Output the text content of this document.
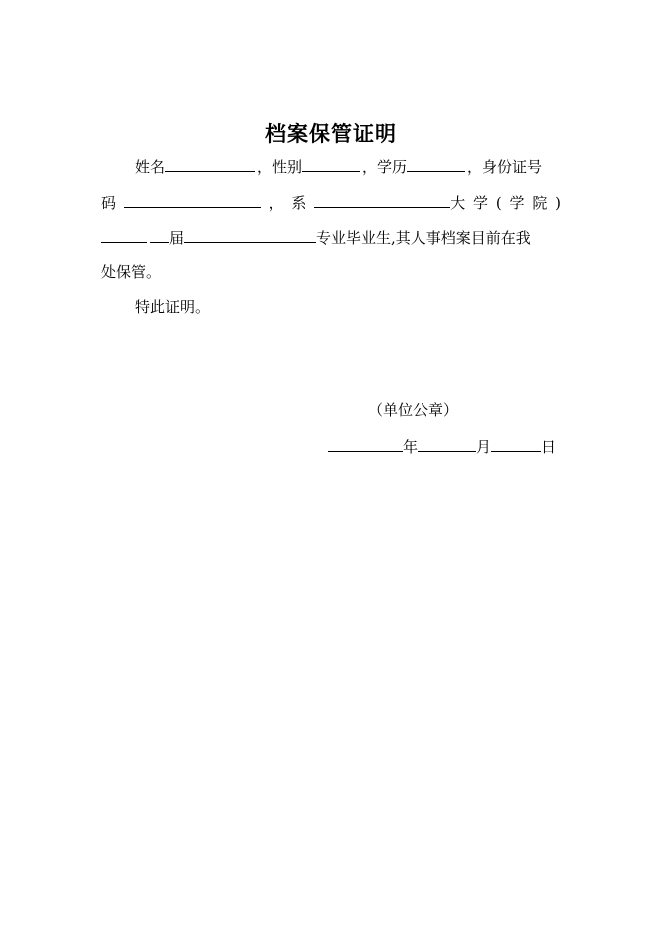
档案保管证明
姓名	，性别	，学历	，身份证号
码	， 系	大 学 ( 学 院 )
届	专业毕业生,其人事档案目前在我
处保管。
特此证明。
（单位公章）
年	月	日
